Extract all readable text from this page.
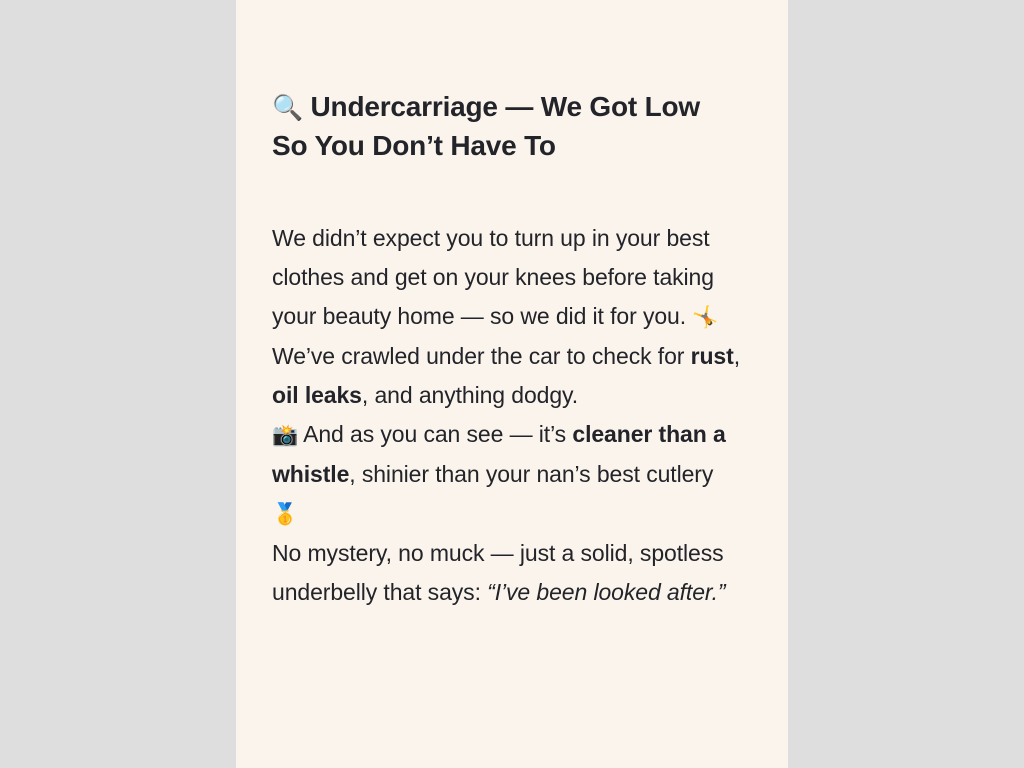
🔍 Undercarriage — We Got Low So You Don’t Have To

We didn’t expect you to turn up in your best clothes and get on your knees before taking your beauty home — so we did it for you. 🤸

We’ve crawled under the car to check for rust, oil leaks, and anything dodgy.

📸 And as you can see — it’s cleaner than a whistle, shinier than your nan’s best cutlery 🥇

No mystery, no muck — just a solid, spotless underbelly that says: “I’ve been looked after.”
